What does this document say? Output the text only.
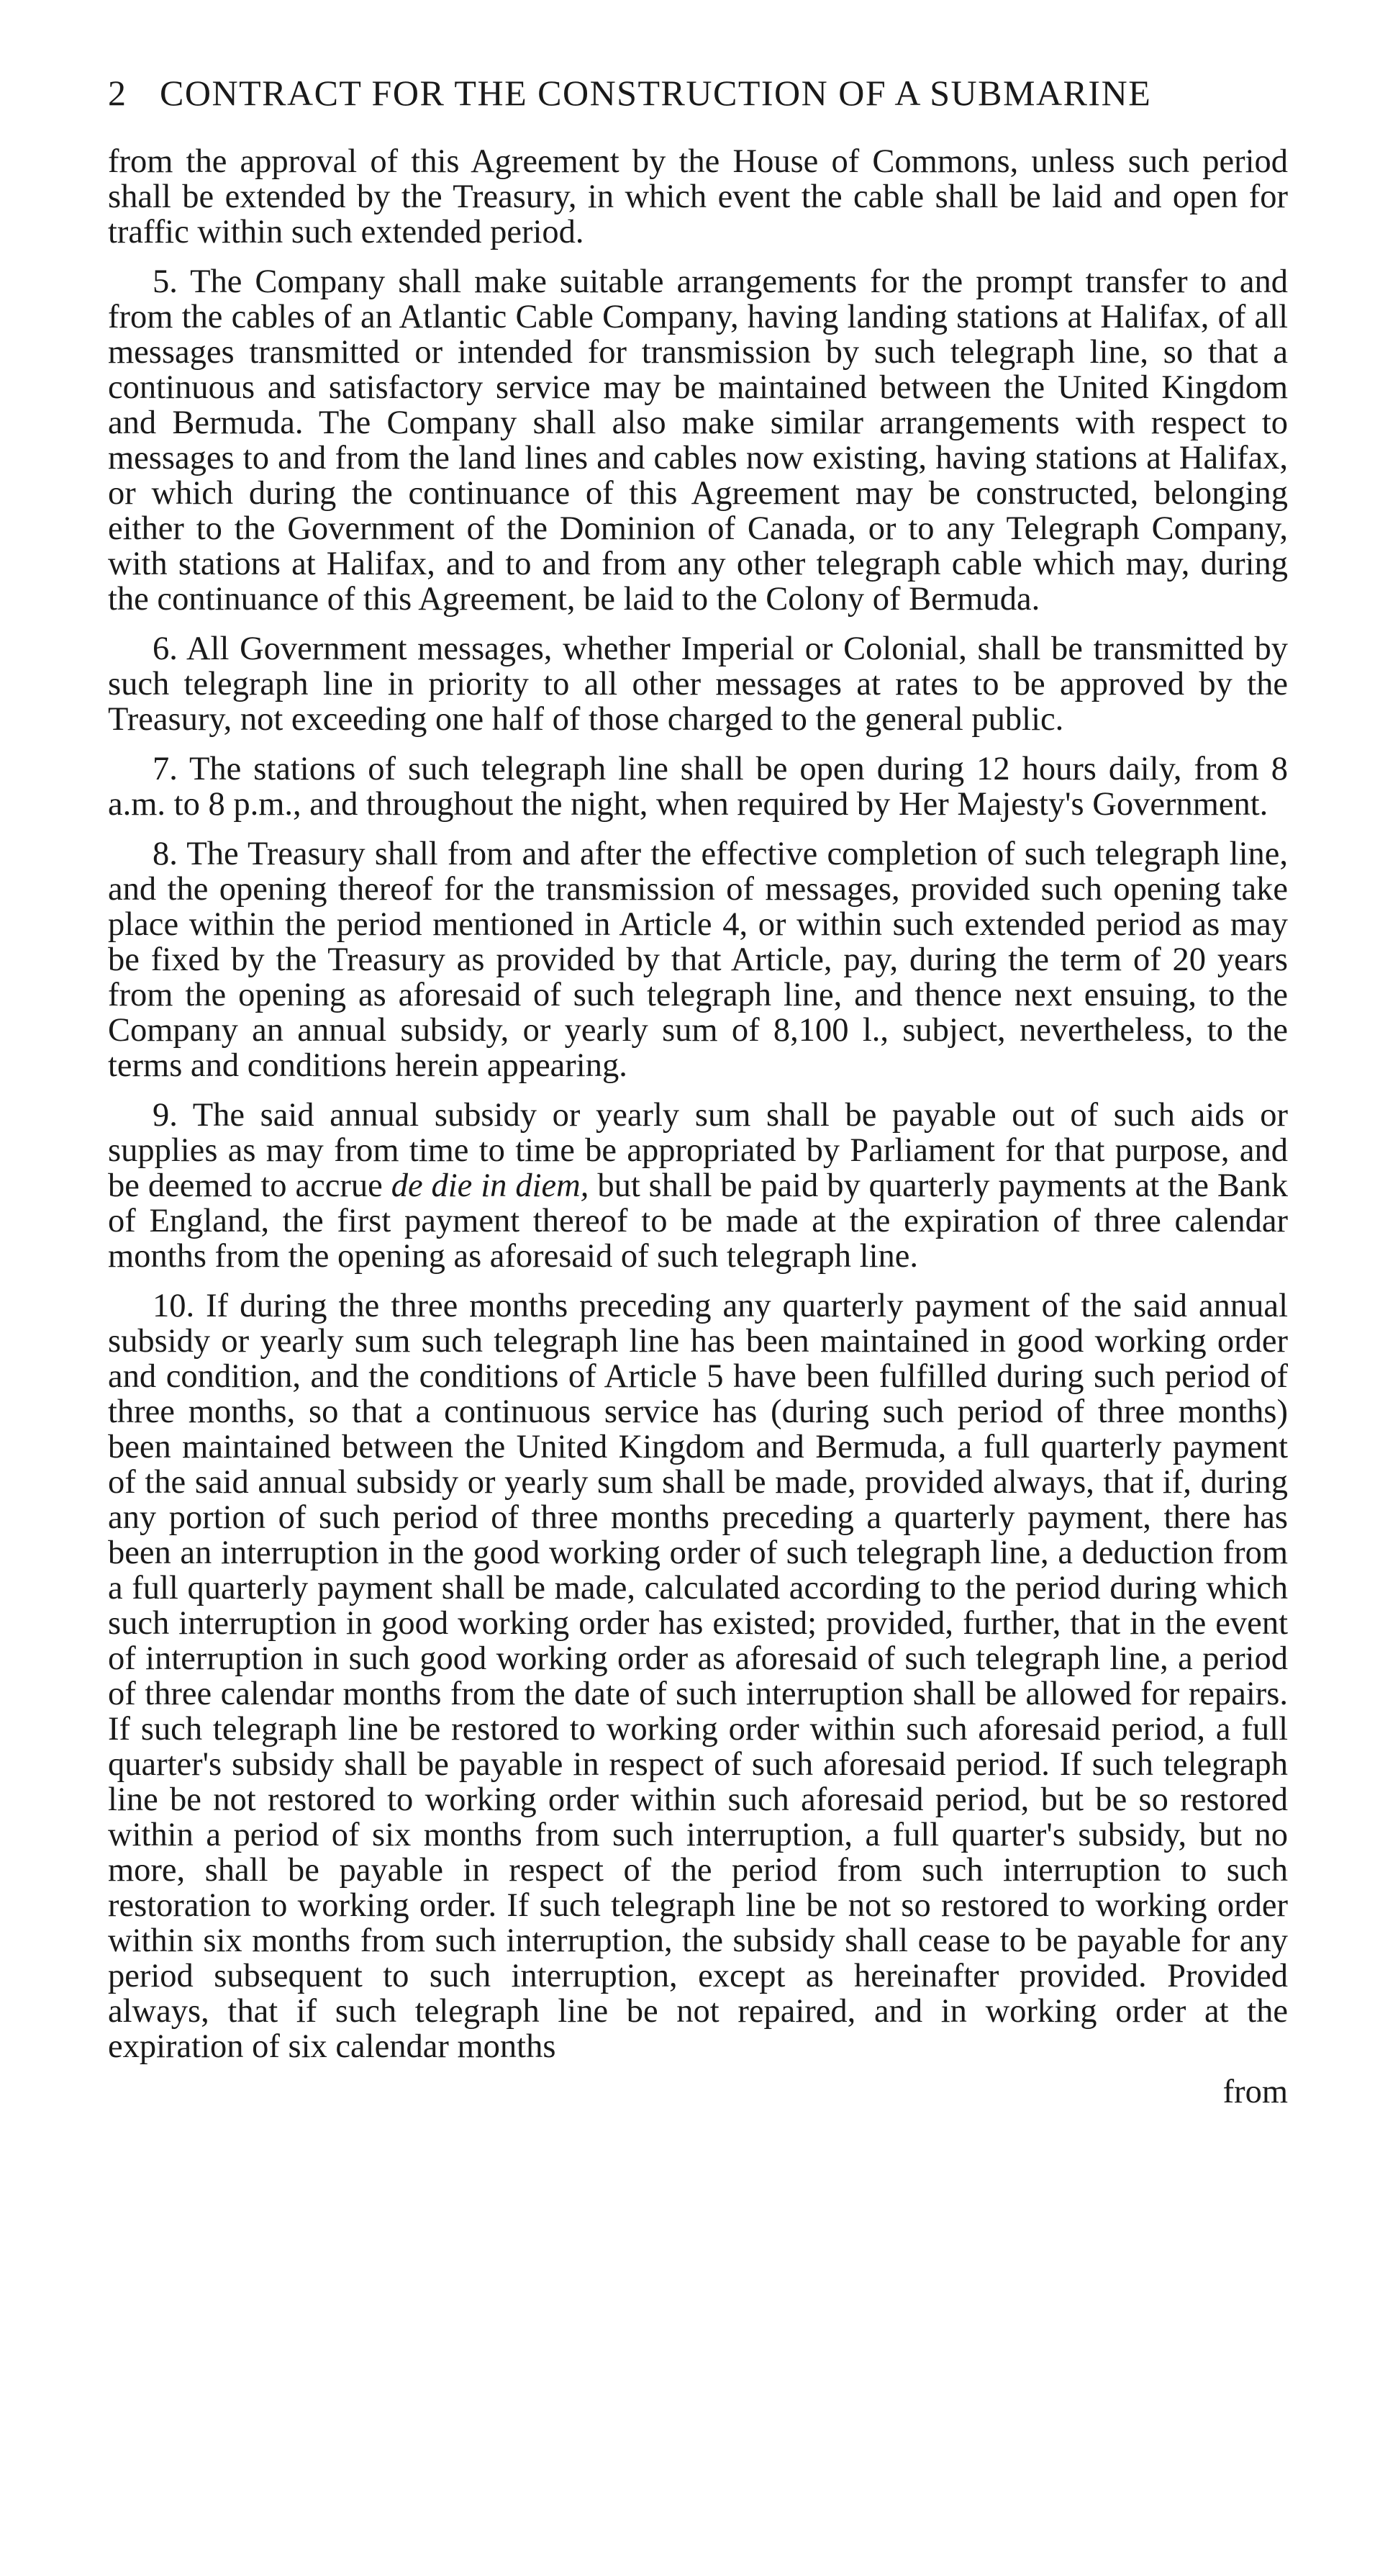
2 CONTRACT FOR THE CONSTRUCTION OF A SUBMARINE

from the approval of this Agreement by the House of Commons, unless such period shall be extended by the Treasury, in which event the cable shall be laid and open for traffic within such extended period.

5. The Company shall make suitable arrangements for the prompt transfer to and from the cables of an Atlantic Cable Company, having landing stations at Halifax, of all messages transmitted or intended for transmission by such telegraph line, so that a continuous and satisfactory service may be maintained between the United Kingdom and Bermuda. The Company shall also make similar arrangements with respect to messages to and from the land lines and cables now existing, having stations at Halifax, or which during the continuance of this Agreement may be constructed, belonging either to the Government of the Dominion of Canada, or to any Telegraph Company, with stations at Halifax, and to and from any other telegraph cable which may, during the continuance of this Agreement, be laid to the Colony of Bermuda.

6. All Government messages, whether Imperial or Colonial, shall be transmitted by such telegraph line in priority to all other messages at rates to be approved by the Treasury, not exceeding one half of those charged to the general public.

7. The stations of such telegraph line shall be open during 12 hours daily, from 8 a.m. to 8 p.m., and throughout the night, when required by Her Majesty's Government.

8. The Treasury shall from and after the effective completion of such telegraph line, and the opening thereof for the transmission of messages, provided such opening take place within the period mentioned in Article 4, or within such extended period as may be fixed by the Treasury as provided by that Article, pay, during the term of 20 years from the opening as aforesaid of such telegraph line, and thence next ensuing, to the Company an annual subsidy, or yearly sum of 8,100 l., subject, nevertheless, to the terms and conditions herein appearing.

9. The said annual subsidy or yearly sum shall be payable out of such aids or supplies as may from time to time be appropriated by Parliament for that purpose, and be deemed to accrue de die in diem, but shall be paid by quarterly payments at the Bank of England, the first payment thereof to be made at the expiration of three calendar months from the opening as aforesaid of such telegraph line.

10. If during the three months preceding any quarterly payment of the said annual subsidy or yearly sum such telegraph line has been maintained in good working order and condition, and the conditions of Article 5 have been fulfilled during such period of three months, so that a continuous service has (during such period of three months) been maintained between the United Kingdom and Bermuda, a full quarterly payment of the said annual subsidy or yearly sum shall be made, provided always, that if, during any portion of such period of three months preceding a quarterly payment, there has been an interruption in the good working order of such telegraph line, a deduction from a full quarterly payment shall be made, calculated according to the period during which such interruption in good working order has existed; provided, further, that in the event of interruption in such good working order as aforesaid of such telegraph line, a period of three calendar months from the date of such interruption shall be allowed for repairs. If such telegraph line be restored to working order within such aforesaid period, a full quarter's subsidy shall be payable in respect of such aforesaid period. If such telegraph line be not restored to working order within such aforesaid period, but be so restored within a period of six months from such interruption, a full quarter's subsidy, but no more, shall be payable in respect of the period from such interruption to such restoration to working order. If such telegraph line be not so restored to working order within six months from such interruption, the subsidy shall cease to be payable for any period subsequent to such interruption, except as hereinafter provided. Provided always, that if such telegraph line be not repaired, and in working order at the expiration of six calendar months

from
